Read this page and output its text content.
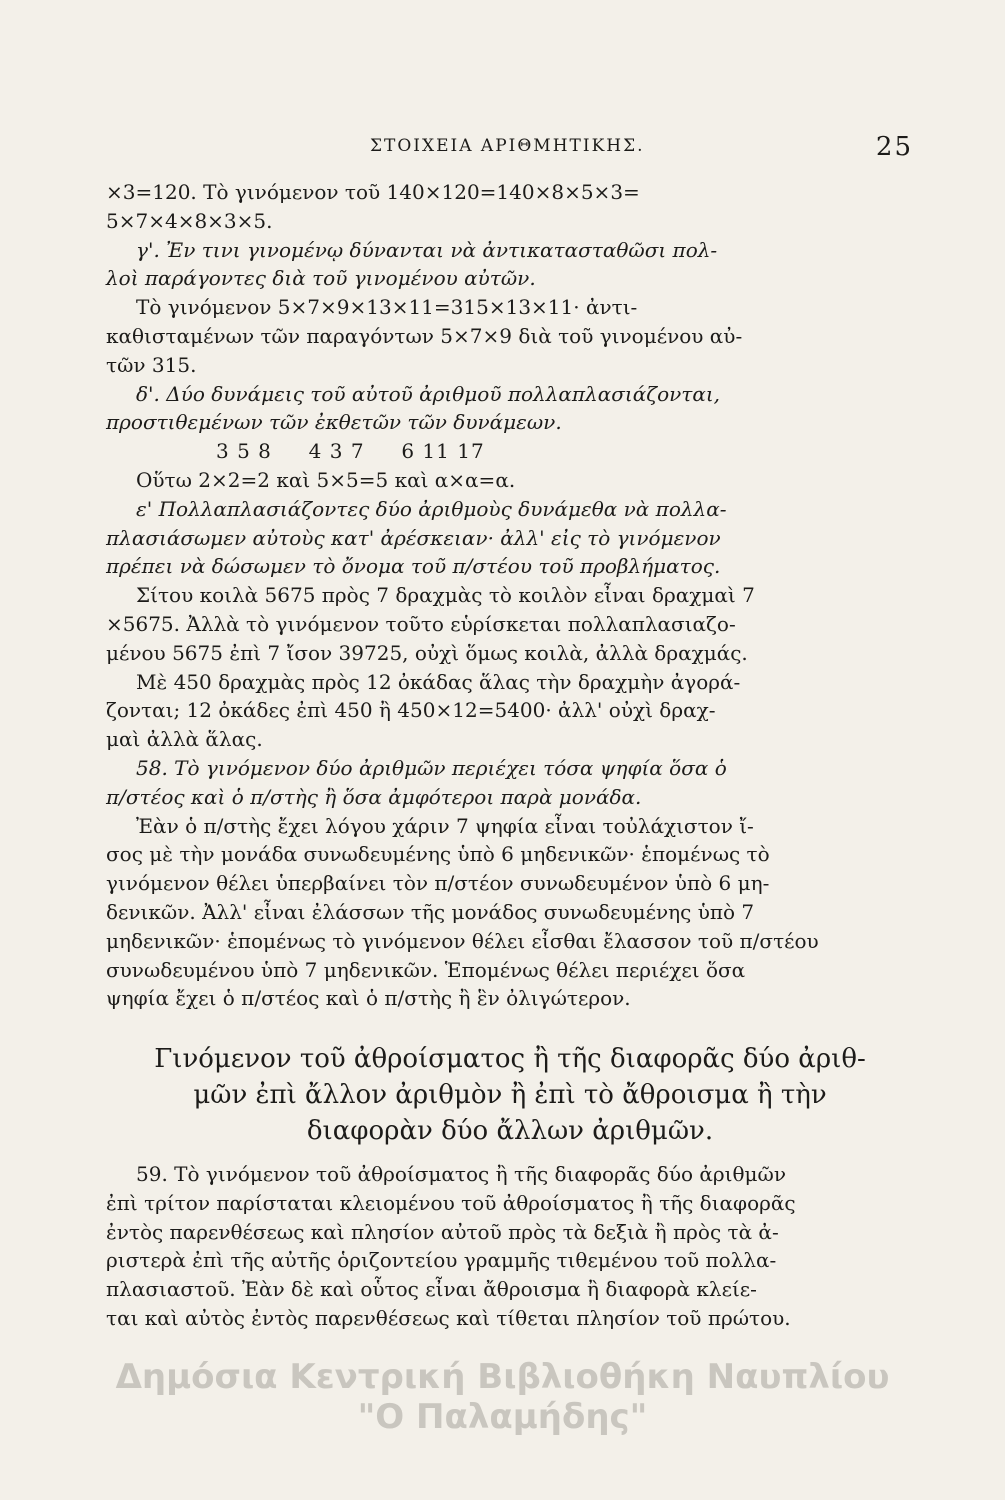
ΣΤΟΙΧΕΙΑ ΑΡΙΘΜΗΤΙΚΗΣ.	25

×3=120. Τὸ γινόμενον τοῦ 140×120=140×8×5×3=
5×7×4×8×3×5.

γ'. Ἐν τινι γινομένῳ δύνανται νὰ ἀντικατασταθῶσι πολ-
λοὶ παράγοντες διὰ τοῦ γινομένου αὐτῶν.

Τὸ γινόμενον 5×7×9×13×11=315×13×11· ἀντι-
καθισταμένων τῶν παραγόντων 5×7×9 διὰ τοῦ γινομένου αὐ-
τῶν 315.

δ'. Δύο δυνάμεις τοῦ αὐτοῦ ἀριθμοῦ πολλαπλασιάζονται,
προστιθεμένων τῶν ἐκθετῶν τῶν δυνάμεων.

3 5 8     4 3 7     6 11 17

Οὕτω 2×2=2 καὶ 5×5=5 καὶ α×α=α.

ε' Πολλαπλασιάζοντες δύο ἀριθμοὺς δυνάμεθα νὰ πολλα-
πλασιάσωμεν αὐτοὺς κατ' ἀρέσκειαν· ἀλλ' εἰς τὸ γινόμενον
πρέπει νὰ δώσωμεν τὸ ὄνομα τοῦ π/στέου τοῦ προβλήματος.

Σίτου κοιλὰ 5675 πρὸς 7 δραχμὰς τὸ κοιλὸν εἶναι δραχμαὶ 7
×5675. Ἀλλὰ τὸ γινόμενον τοῦτο εὑρίσκεται πολλαπλασιαζο-
μένου 5675 ἐπὶ 7 ἴσον 39725, οὐχὶ ὅμως κοιλὰ, ἀλλὰ δραχμάς.

Μὲ 450 δραχμὰς πρὸς 12 ὀκάδας ἅλας τὴν δραχμὴν ἀγορά-
ζονται; 12 ὀκάδες ἐπὶ 450 ἢ 450×12=5400· ἀλλ' οὐχὶ δραχ-
μαὶ ἀλλὰ ἅλας.

58. Τὸ γινόμενον δύο ἀριθμῶν περιέχει τόσα ψηφία ὅσα ὁ
π/στέος καὶ ὁ π/στὴς ἢ ὅσα ἀμφότεροι παρὰ μονάδα.

Ἐὰν ὁ π/στὴς ἔχει λόγου χάριν 7 ψηφία εἶναι τοὐλάχιστον ἴ-
σος μὲ τὴν μονάδα συνωδευμένης ὑπὸ 6 μηδενικῶν· ἑπομένως τὸ
γινόμενον θέλει ὑπερβαίνει τὸν π/στέον συνωδευμένον ὑπὸ 6 μη-
δενικῶν. Ἀλλ' εἶναι ἐλάσσων τῆς μονάδος συνωδευμένης ὑπὸ 7
μηδενικῶν· ἑπομένως τὸ γινόμενον θέλει εἶσθαι ἔλασσον τοῦ π/στέου
συνωδευμένου ὑπὸ 7 μηδενικῶν. Ἑπομένως θέλει περιέχει ὅσα
ψηφία ἔχει ὁ π/στέος καὶ ὁ π/στὴς ἢ ἓν ὀλιγώτερον.

Γινόμενον τοῦ ἀθροίσματος ἢ τῆς διαφορᾶς δύο ἀριθ-
μῶν ἐπὶ ἄλλον ἀριθμὸν ἢ ἐπὶ τὸ ἄθροισμα ἢ τὴν
διαφορὰν δύο ἄλλων ἀριθμῶν.

59. Τὸ γινόμενον τοῦ ἀθροίσματος ἢ τῆς διαφορᾶς δύο ἀριθμῶν
ἐπὶ τρίτον παρίσταται κλειομένου τοῦ ἀθροίσματος ἢ τῆς διαφορᾶς
ἐντὸς παρενθέσεως καὶ πλησίον αὐτοῦ πρὸς τὰ δεξιὰ ἢ πρὸς τὰ ἀ-
ριστερὰ ἐπὶ τῆς αὐτῆς ὁριζοντείου γραμμῆς τιθεμένου τοῦ πολλα-
πλασιαστοῦ. Ἐὰν δὲ καὶ οὗτος εἶναι ἄθροισμα ἢ διαφορὰ κλείε-
ται καὶ αὐτὸς ἐντὸς παρενθέσεως καὶ τίθεται πλησίον τοῦ πρώτου.

Δημόσια Κεντρική Βιβλιοθήκη Ναυπλίου
"Ο Παλαμήδης"
